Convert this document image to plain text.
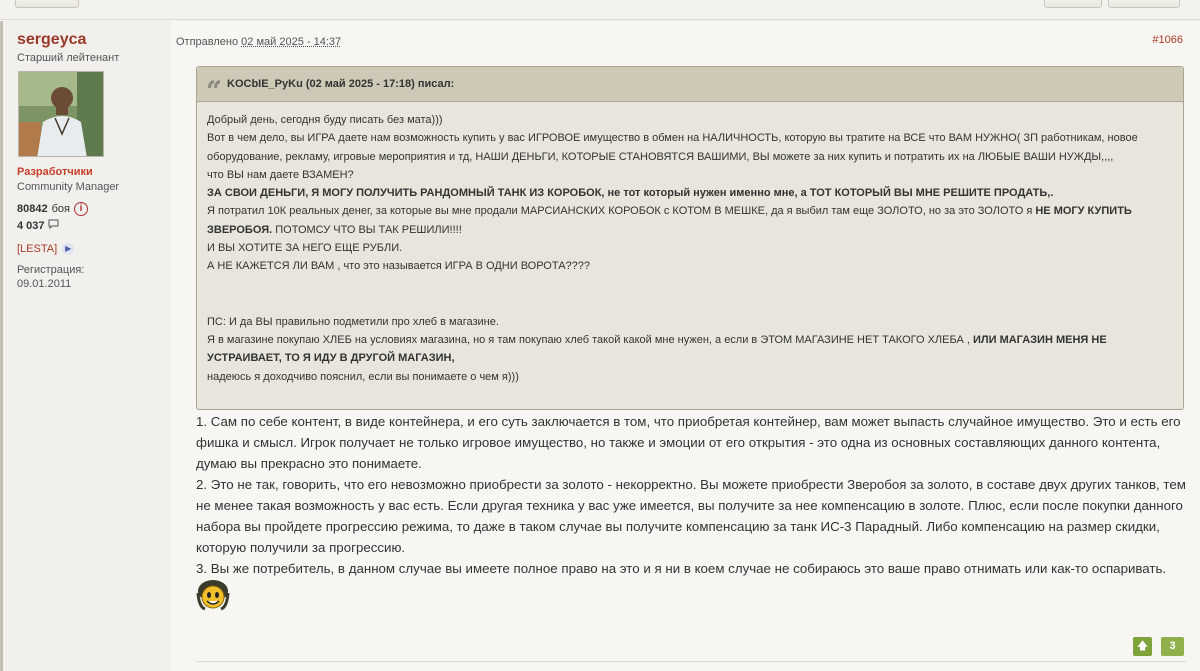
sergeyca
Старший лейтенант
Разработчики
Community Manager
80842 боя i
4 037
[LESTA] ▶
Регистрация:
09.01.2011
Отправлено 02 май 2025 - 14:37	#1066
KOCbIE_PyKu (02 май 2025 - 17:18) писал:

Добрый день, сегодня буду писать без мата)))

Вот в чем дело, вы ИГРА даете нам возможность купить у вас ИГРОВОЕ имущество в обмен на НАЛИЧНОСТЬ, которую вы тратите на ВСЕ что ВАМ НУЖНО( ЗП работникам, новое оборудование, рекламу, игровые мероприятия и тд, НАШИ ДЕНЬГИ, КОТОРЫЕ СТАНОВЯТСЯ ВАШИМИ, ВЫ можете за них купить и потратить их на ЛЮБЫЕ ВАШИ НУЖДЫ,,,,

что ВЫ нам даете ВЗАМЕН?

ЗА СВОИ ДЕНЬГИ, Я МОГУ ПОЛУЧИТЬ РАНДОМНЫЙ ТАНК ИЗ КОРОБОК, не тот который нужен именно мне, а ТОТ КОТОРЫЙ ВЫ МНЕ РЕШИТЕ ПРОДАТЬ,.

Я потратил 10К реальных денег, за которые вы мне продали МАРСИАНСКИХ КОРОБОК с КОТОМ В МЕШКЕ, да я выбил там еще ЗОЛОТО, но за это ЗОЛОТО я НЕ МОГУ КУПИТЬ ЗВЕРОБОЯ. ПОТОМСУ ЧТО ВЫ ТАК РЕШИЛИ!!!!

И ВЫ ХОТИТЕ ЗА НЕГО ЕЩЕ РУБЛИ.

А НЕ КАЖЕТСЯ ЛИ ВАМ , что это называется ИГРА В ОДНИ ВОРОТА????

ПС: И да ВЫ правильно подметили про хлеб в магазине.

Я в магазине покупаю ХЛЕБ на условиях магазина, но я там покупаю хлеб такой какой мне нужен, а если в ЭТОМ МАГАЗИНЕ НЕТ ТАКОГО ХЛЕБА , ИЛИ МАГАЗИН МЕНЯ НЕ УСТРАИВАЕТ, ТО Я ИДУ В ДРУГОЙ МАГАЗИН,

надеюсь я доходчиво пояснил, если вы понимаете о чем я)))

1. Сам по себе контент, в виде контейнера, и его суть заключается в том, что приобретая контейнер, вам может выпасть случайное имущество. Это и есть его фишка и смысл. Игрок получает не только игровое имущество, но также и эмоции от его открытия - это одна из основных составляющих данного контента, думаю вы прекрасно это понимаете.

2. Это не так, говорить, что его невозможно приобрести за золото - некорректно. Вы можете приобрести Зверобоя за золото, в составе двух других танков, тем не менее такая возможность у вас есть. Если другая техника у вас уже имеется, вы получите за нее компенсацию в золоте. Плюс, если после покупки данного набора вы пройдете прогрессию режима, то даже в таком случае вы получите компенсацию за танк ИС-3 Парадный. Либо компенсацию на размер скидки, которую получили за прогрессию.

3. Вы же потребитель, в данном случае вы имеете полное право на это и я ни в коем случае не собираюсь это ваше право отнимать или как-то оспаривать.

🡅	3
